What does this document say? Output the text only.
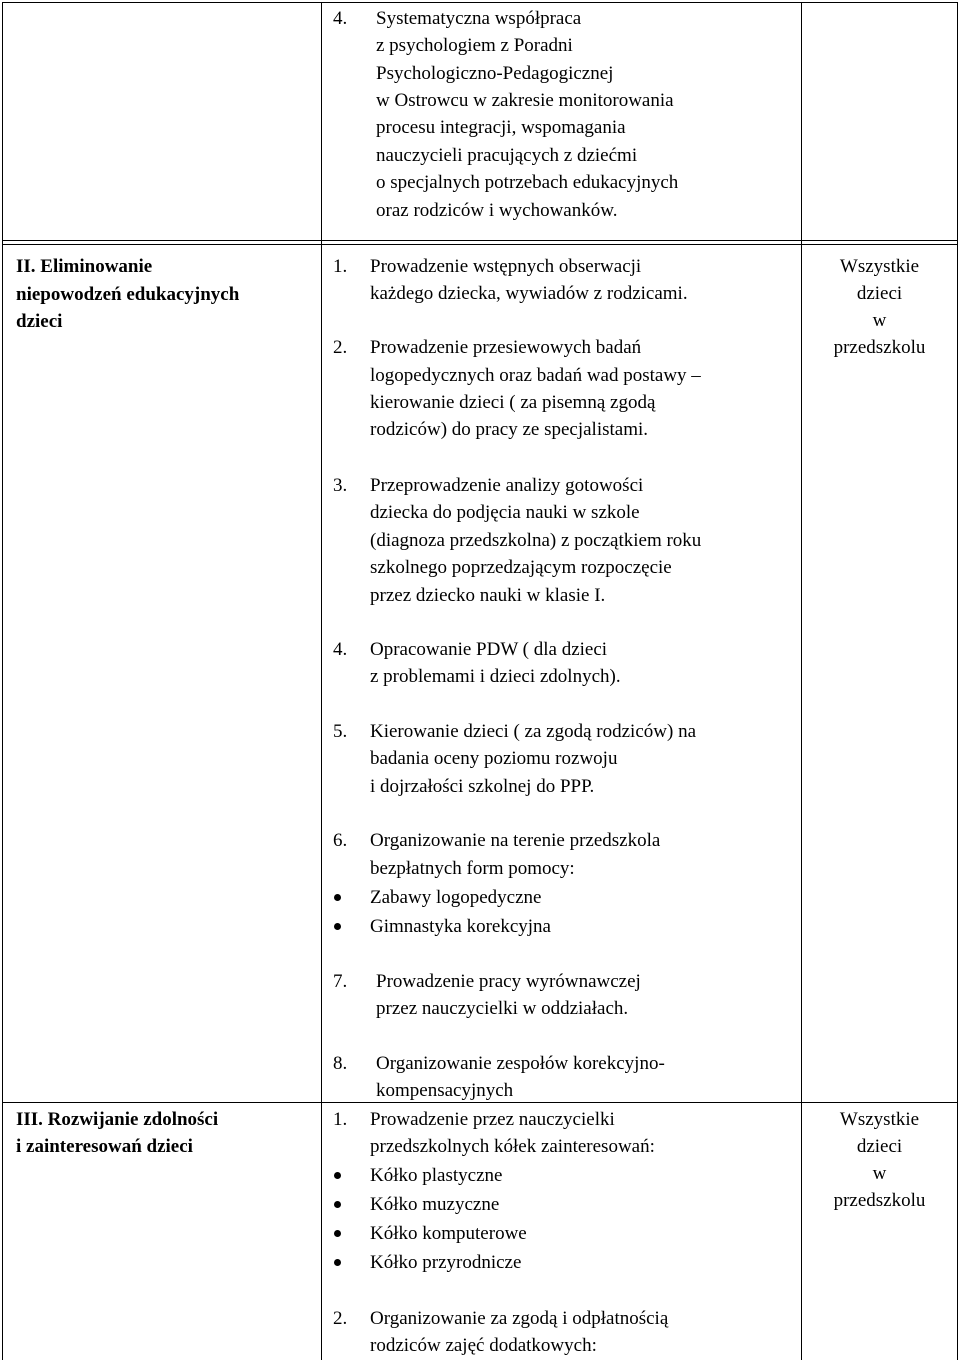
4. Systematyczna współpraca
z psychologiem z Poradni
Psychologiczno-Pedagogicznej
w Ostrowcu w zakresie monitorowania
procesu integracji, wspomagania
nauczycieli pracujących z dziećmi
o specjalnych potrzebach edukacyjnych
oraz rodziców i wychowanków.
II. Eliminowanie
niepowodzeń edukacyjnych
dzieci
Wszystkie
dzieci
w
przedszkolu
1. Prowadzenie wstępnych obserwacji
każdego dziecka, wywiadów z rodzicami.
2. Prowadzenie przesiewowych badań
logopedycznych oraz badań wad postawy –
kierowanie dzieci ( za pisemną zgodą
rodziców) do pracy ze specjalistami.
3. Przeprowadzenie analizy gotowości
dziecka do podjęcia nauki w szkole
(diagnoza przedszkolna) z początkiem roku
szkolnego poprzedzającym rozpoczęcie
przez dziecko nauki w klasie I.
4. Opracowanie PDW ( dla dzieci
z problemami i dzieci zdolnych).
5. Kierowanie dzieci ( za zgodą rodziców) na
badania oceny poziomu rozwoju
i dojrzałości szkolnej do PPP.
6. Organizowanie na terenie przedszkola
bezpłatnych form pomocy:
Zabawy logopedyczne
Gimnastyka korekcyjna
7. Prowadzenie pracy wyrównawczej
przez nauczycielki w oddziałach.
8. Organizowanie zespołów korekcyjno-
kompensacyjnych
III. Rozwijanie zdolności
i zainteresowań dzieci
Wszystkie
dzieci
w
przedszkolu
1. Prowadzenie przez nauczycielki
przedszkolnych kółek zainteresowań:
Kółko plastyczne
Kółko muzyczne
Kółko komputerowe
Kółko przyrodnicze
2. Organizowanie za zgodą i odpłatnością
rodziców zajęć dodatkowych:
